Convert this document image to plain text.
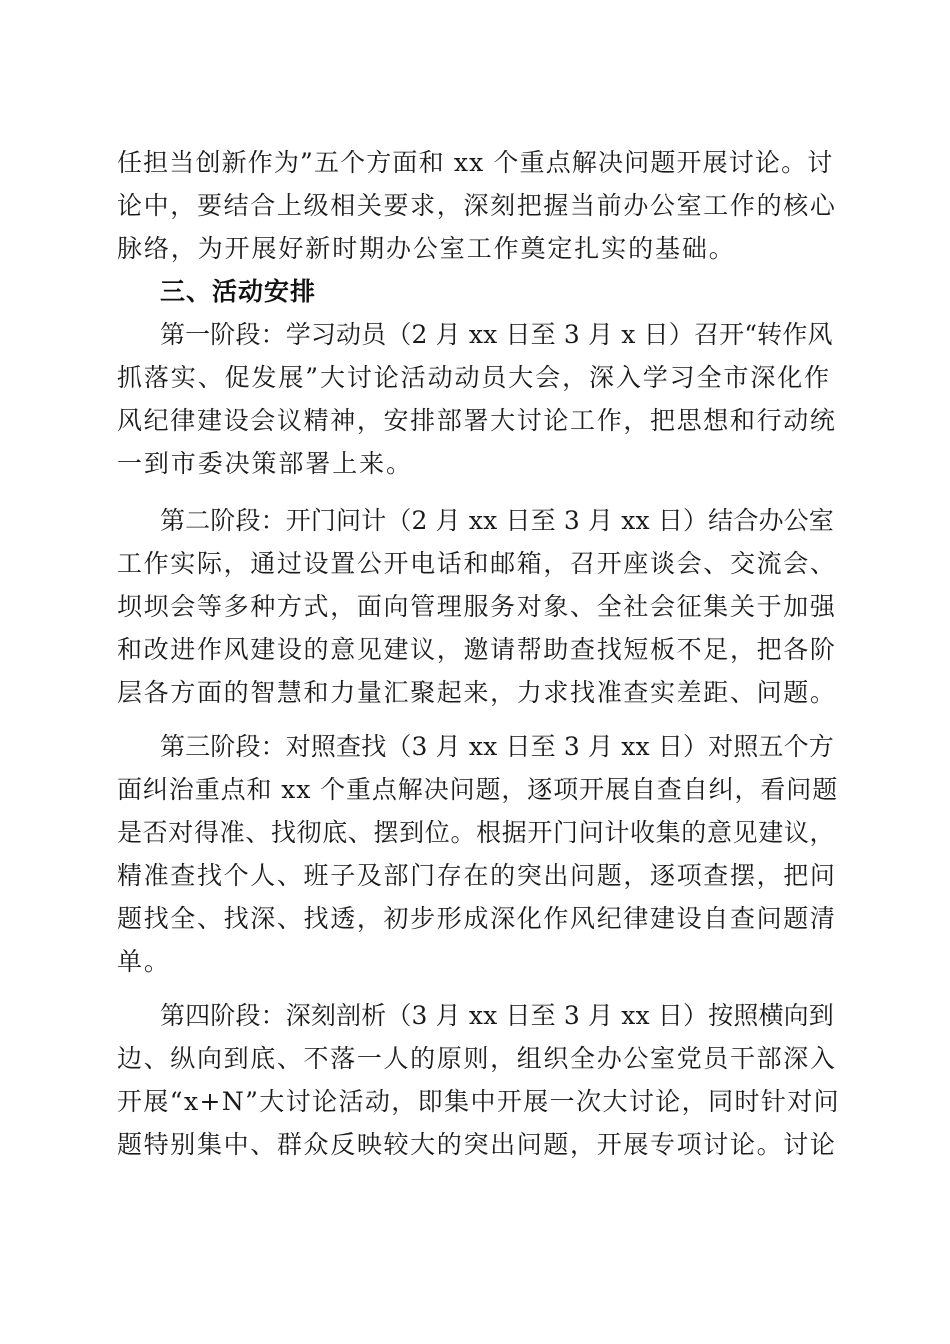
任担当创新作为”五个方面和 xx 个重点解决问题开展讨论。讨

论中，要结合上级相关要求，深刻把握当前办公室工作的核心

脉络，为开展好新时期办公室工作奠定扎实的基础。

三、活动安排

第一阶段：学习动员（2 月 xx 日至 3 月 x 日）召开“转作风

抓落实、促发展”大讨论活动动员大会，深入学习全市深化作

风纪律建设会议精神，安排部署大讨论工作，把思想和行动统

一到市委决策部署上来。

第二阶段：开门问计（2 月 xx 日至 3 月 xx 日）结合办公室

工作实际，通过设置公开电话和邮箱，召开座谈会、交流会、

坝坝会等多种方式，面向管理服务对象、全社会征集关于加强

和改进作风建设的意见建议，邀请帮助查找短板不足，把各阶

层各方面的智慧和力量汇聚起来，力求找准查实差距、问题。

第三阶段：对照查找（3 月 xx 日至 3 月 xx 日）对照五个方

面纠治重点和 xx 个重点解决问题，逐项开展自查自纠，看问题

是否对得准、找彻底、摆到位。根据开门问计收集的意见建议，

精准查找个人、班子及部门存在的突出问题，逐项查摆，把问

题找全、找深、找透，初步形成深化作风纪律建设自查问题清

单。

第四阶段：深刻剖析（3 月 xx 日至 3 月 xx 日）按照横向到

边、纵向到底、不落一人的原则，组织全办公室党员干部深入

开展“x+N”大讨论活动，即集中开展一次大讨论，同时针对问

题特别集中、群众反映较大的突出问题，开展专项讨论。讨论
